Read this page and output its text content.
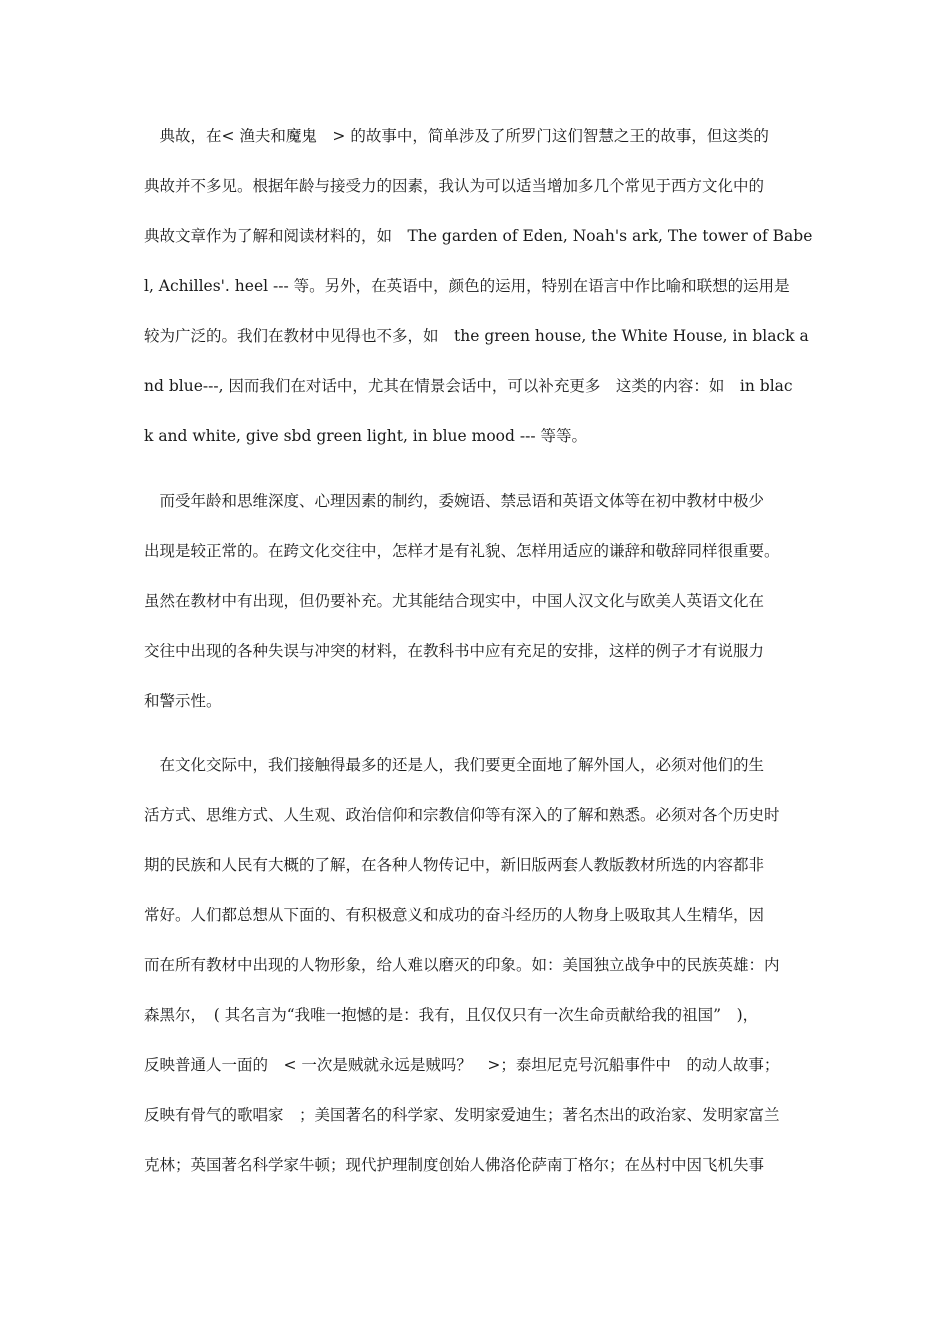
　典故，在< 渔夫和魔鬼　> 的故事中，简单涉及了所罗门这们智慧之王的故事，但这类的
典故并不多见。根据年龄与接受力的因素，我认为可以适当增加多几个常见于西方文化中的
典故文章作为了解和阅读材料的，如　The garden of Eden, Noah's ark, The tower of Babe
l, Achilles'. heel --- 等。另外，在英语中，颜色的运用，特别在语言中作比喻和联想的运用是
较为广泛的。我们在教材中见得也不多，如　the green house, the White House, in black a
nd blue---, 因而我们在对话中，尤其在情景会话中，可以补充更多　这类的内容：如　in blac
k and white, give sbd green light, in blue mood --- 等等。
　而受年龄和思维深度、心理因素的制约，委婉语、禁忌语和英语文体等在初中教材中极少
出现是较正常的。在跨文化交往中，怎样才是有礼貌、怎样用适应的谦辞和敬辞同样很重要。
虽然在教材中有出现，但仍要补充。尤其能结合现实中，中国人汉文化与欧美人英语文化在
交往中出现的各种失误与冲突的材料，在教科书中应有充足的安排，这样的例子才有说服力
和警示性。
　在文化交际中，我们接触得最多的还是人，我们要更全面地了解外国人，必须对他们的生
活方式、思维方式、人生观、政治信仰和宗教信仰等有深入的了解和熟悉。必须对各个历史时
期的民族和人民有大概的了解，在各种人物传记中，新旧版两套人教版教材所选的内容都非
常好。人们都总想从下面的、有积极意义和成功的奋斗经历的人物身上吸取其人生精华，因
而在所有教材中出现的人物形象，给人难以磨灭的印象。如：美国独立战争中的民族英雄：内
森黑尔，　( 其名言为“我唯一抱憾的是：我有，且仅仅只有一次生命贡献给我的祖国”　)，
反映普通人一面的　< 一次是贼就永远是贼吗？　>；泰坦尼克号沉船事件中　的动人故事；
反映有骨气的歌唱家　；美国著名的科学家、发明家爱迪生；著名杰出的政治家、发明家富兰
克林；英国著名科学家牛顿；现代护理制度创始人佛洛伦萨南丁格尔；在丛村中因飞机失事
